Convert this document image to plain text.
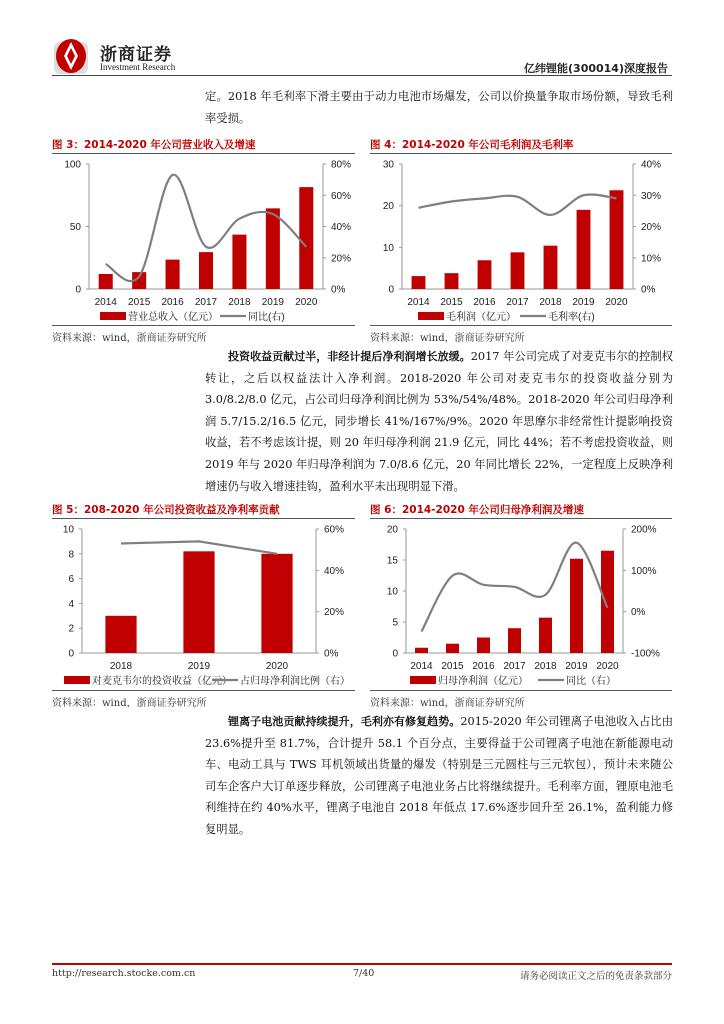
浙商证券
Investment Research	亿纬锂能(300014)深度报告
定。2018 年毛利率下滑主要由于动力电池市场爆发，公司以价换量争取市场份额，导致毛利率受损。
图 3：2014-2020 年公司营业收入及增速
0
50
100
0%
20%
40%
60%
80%
2014 2015 2016 2017 2018 2019 2020
营业总收入（亿元）	同比(右)
资料来源：wind，浙商证券研究所
图 4：2014-2020 年公司毛利润及毛利率
0
10
20
30
0%
10%
20%
30%
40%
2014 2015 2016 2017 2018 2019 2020
毛利润（亿元）	毛利率(右)
资料来源：wind，浙商证券研究所
投资收益贡献过半，非经计提后净利润增长放缓。2017 年公司完成了对麦克韦尔的控制权转让，之后以权益法计入净利润。2018-2020 年公司对麦克韦尔的投资收益分别为 3.0/8.2/8.0 亿元，占公司归母净利润比例为 53%/54%/48%。2018-2020 年公司归母净利润 5.7/15.2/16.5 亿元，同步增长 41%/167%/9%。2020 年思摩尔非经常性计提影响投资收益，若不考虑该计提，则 20 年归母净利润 21.9 亿元，同比 44%；若不考虑投资收益，则 2019 年与 2020 年归母净利润为 7.0/8.6 亿元，20 年同比增长 22%，一定程度上反映净利增速仍与收入增速挂钩，盈利水平未出现明显下滑。
图 5：208-2020 年公司投资收益及净利率贡献
0
2
4
6
8
10
0%
20%
40%
60%
2018	2019	2020
对麦克韦尔的投资收益（亿元） 占归母净利润比例（右）
资料来源：wind，浙商证券研究所
图 6：2014-2020 年公司归母净利润及增速
0
5
10
15
20
-100%
0%
100%
200%
2014 2015 2016 2017 2018 2019 2020
归母净利润（亿元）	同比（右）
资料来源：wind，浙商证券研究所
锂离子电池贡献持续提升，毛利亦有修复趋势。2015-2020 年公司锂离子电池收入占比由 23.6%提升至 81.7%，合计提升 58.1 个百分点，主要得益于公司锂离子电池在新能源电动车、电动工具与 TWS 耳机领域出货量的爆发（特别是三元圆柱与三元软包），预计未来随公司车企客户大订单逐步释放，公司锂离子电池业务占比将继续提升。毛利率方面，锂原电池毛利维持在约 40%水平，锂离子电池自 2018 年低点 17.6%逐步回升至 26.1%，盈利能力修复明显。
http://research.stocke.com.cn	7/40	请务必阅读正文之后的免责条款部分
